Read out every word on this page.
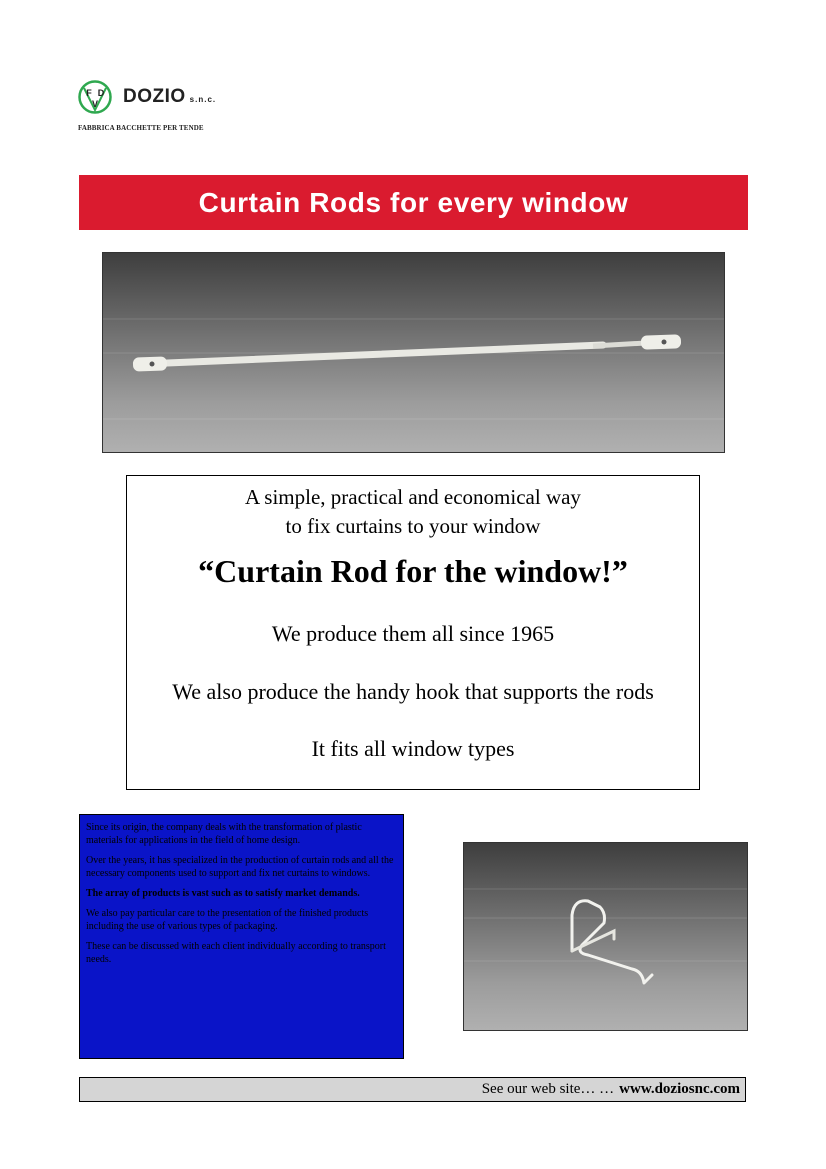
F D
V DOZIO s.n.c.
FABBRICA BACCHETTE PER TENDE
Curtain Rods for every window
A simple, practical and economical way
to fix curtains to your window
“Curtain Rod for the window!”
We produce them all since 1965
We also produce the handy hook that supports the rods
It fits all window types

Since its origin, the company deals with the transformation of plastic materials for applications in the field of home design.

Over the years, it has specialized in the production of curtain rods and all the necessary components used to support and fix net curtains to windows.

The array of products is vast such as to satisfy market demands.

We also pay particular care to the presentation of the finished products including the use of various types of packaging.

These can be discussed with each client individually according to transport needs.

See our web site… … www.doziosnc.com
